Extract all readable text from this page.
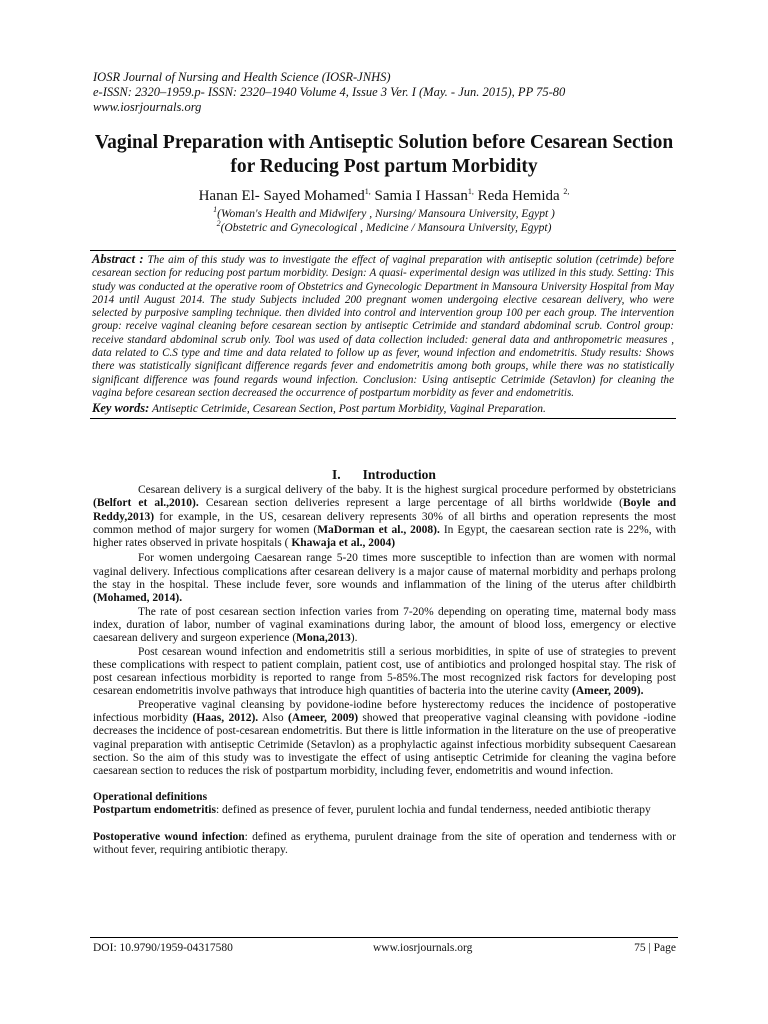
IOSR Journal of Nursing and Health Science (IOSR-JNHS)
e-ISSN: 2320–1959.p- ISSN: 2320–1940 Volume 4, Issue 3 Ver. I (May. - Jun. 2015), PP 75-80
www.iosrjournals.org
Vaginal Preparation with Antiseptic Solution before Cesarean Section for Reducing Post partum Morbidity
Hanan El- Sayed Mohamed$^{1,}$ Samia I Hassan$^{1,}$ Reda Hemida $^{2,}$
$^1$(Woman's Health and Midwifery , Nursing/ Mansoura University, Egypt )
$^2$(Obstetric and Gynecological , Medicine / Mansoura University, Egypt)

Abstract : The aim of this study was to investigate the effect of vaginal preparation with antiseptic solution (cetrimde) before cesarean section for reducing post partum morbidity. Design: A quasi- experimental design was utilized in this study. Setting: This study was conducted at the operative room of Obstetrics and Gynecologic Department in Mansoura University Hospital from May 2014 until August 2014. The study Subjects included 200 pregnant women undergoing elective cesarean delivery, who were selected by purposive sampling technique. then divided into control and intervention group 100 per each group. The intervention group: receive vaginal cleaning before cesarean section by antiseptic Cetrimide and standard abdominal scrub. Control group: receive standard abdominal scrub only. Tool was used of data collection included: general data and anthropometric measures , data related to C.S type and time and data related to follow up as fever, wound infection and endometritis. Study results: Shows there was statistically significant difference regards fever and endometritis among both groups, while there was no statistically significant difference was found regards wound infection. Conclusion: Using antiseptic Cetrimide (Setavlon) for cleaning the vagina before cesarean section decreased the occurrence of postpartum morbidity as fever and endometritis.

Key words: Antiseptic Cetrimide, Cesarean Section, Post partum Morbidity, Vaginal Preparation.

I. Introduction

Cesarean delivery is a surgical delivery of the baby. It is the highest surgical procedure performed by obstetricians (Belfort et al.,2010). Cesarean section deliveries represent a large percentage of all births worldwide (Boyle and Reddy,2013) for example, in the US, cesarean delivery represents 30% of all births and operation represents the most common method of major surgery for women (MaDorman et al., 2008). In Egypt, the caesarean section rate is 22%, with higher rates observed in private hospitals ( Khawaja et al., 2004)

For women undergoing Caesarean range 5-20 times more susceptible to infection than are women with normal vaginal delivery. Infectious complications after cesarean delivery is a major cause of maternal morbidity and perhaps prolong the stay in the hospital. These include fever, sore wounds and inflammation of the lining of the uterus after childbirth (Mohamed, 2014).

The rate of post cesarean section infection varies from 7-20% depending on operating time, maternal body mass index, duration of labor, number of vaginal examinations during labor, the amount of blood loss, emergency or elective caesarean delivery and surgeon experience (Mona,2013).

Post cesarean wound infection and endometritis still a serious morbidities, in spite of use of strategies to prevent these complications with respect to patient complain, patient cost, use of antibiotics and prolonged hospital stay. The risk of post cesarean infectious morbidity is reported to range from 5-85%.The most recognized risk factors for developing post cesarean endometritis involve pathways that introduce high quantities of bacteria into the uterine cavity (Ameer, 2009).

Preoperative vaginal cleansing by povidone-iodine before hysterectomy reduces the incidence of postoperative infectious morbidity (Haas, 2012). Also (Ameer, 2009) showed that preoperative vaginal cleansing with povidone -iodine decreases the incidence of post-cesarean endometritis. But there is little information in the literature on the use of preoperative vaginal preparation with antiseptic Cetrimide (Setavlon) as a prophylactic against infectious morbidity subsequent Caesarean section. So the aim of this study was to investigate the effect of using antiseptic Cetrimide for cleaning the vagina before caesarean section to reduces the risk of postpartum morbidity, including fever, endometritis and wound infection.

Operational definitions

Postpartum endometritis: defined as presence of fever, purulent lochia and fundal tenderness, needed antibiotic therapy

Postoperative wound infection: defined as erythema, purulent drainage from the site of operation and tenderness with or without fever, requiring antibiotic therapy.

DOI: 10.9790/1959-04317580	www.iosrjournals.org	75 | Page
